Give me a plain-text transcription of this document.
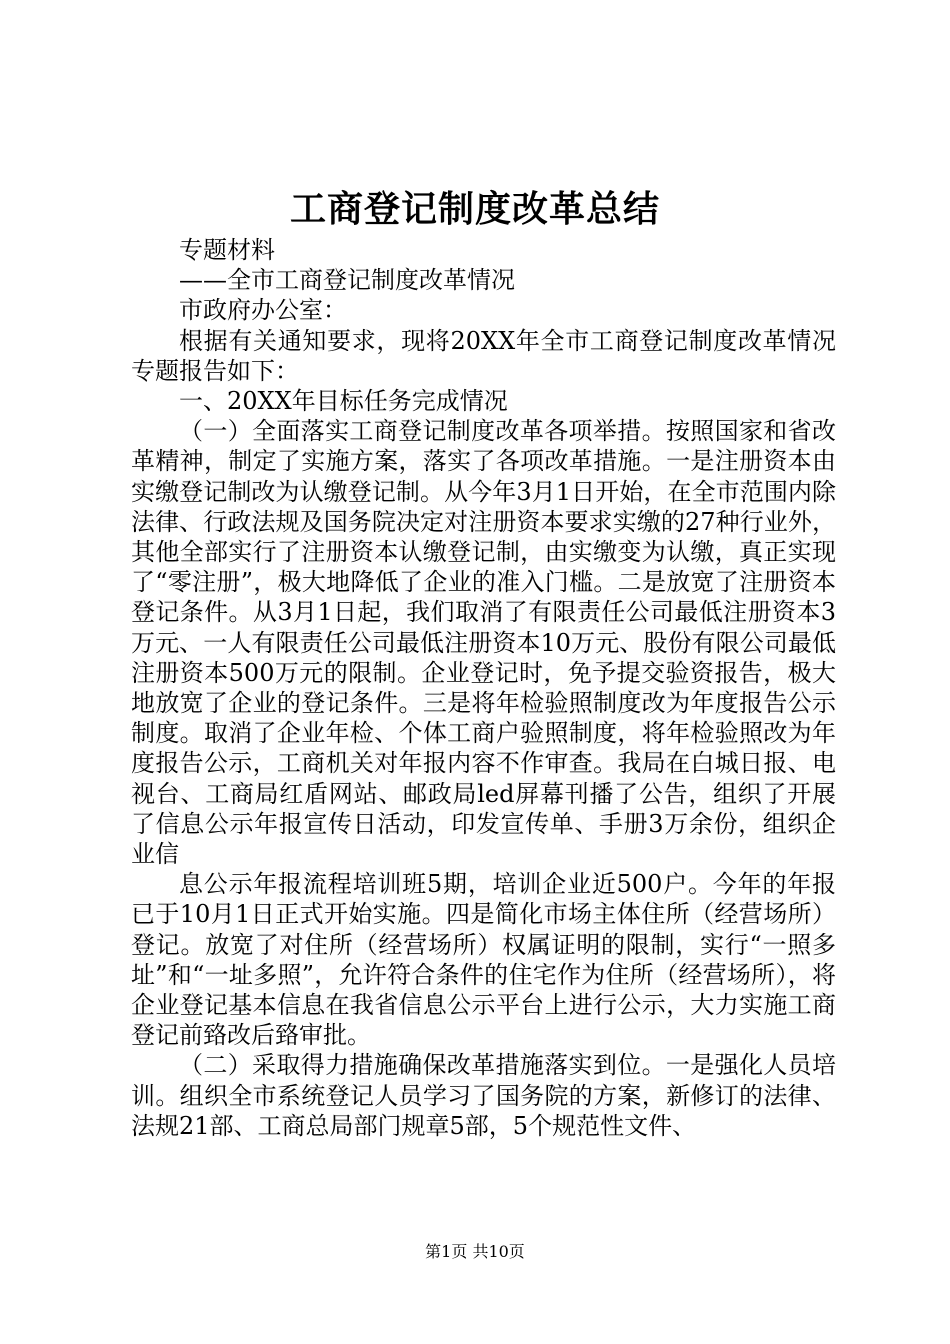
工商登记制度改革总结

专题材料

——全市工商登记制度改革情况

市政府办公室：

根据有关通知要求，现将20XX年全市工商登记制度改革情况专题报告如下：

一、20XX年目标任务完成情况

（一）全面落实工商登记制度改革各项举措。按照国家和省改革精神，制定了实施方案，落实了各项改革措施。一是注册资本由实缴登记制改为认缴登记制。从今年3月1日开始，在全市范围内除法律、行政法规及国务院决定对注册资本要求实缴的27种行业外，其他全部实行了注册资本认缴登记制，由实缴变为认缴，真正实现了“零注册”，极大地降低了企业的准入门槛。二是放宽了注册资本登记条件。从3月1日起，我们取消了有限责任公司最低注册资本3万元、一人有限责任公司最低注册资本10万元、股份有限公司最低注册资本500万元的限制。企业登记时，免予提交验资报告，极大地放宽了企业的登记条件。三是将年检验照制度改为年度报告公示制度。取消了企业年检、个体工商户验照制度，将年检验照改为年度报告公示，工商机关对年报内容不作审查。我局在白城日报、电视台、工商局红盾网站、邮政局led屏幕刊播了公告，组织了开展了信息公示年报宣传日活动，印发宣传单、手册3万余份，组织企业信

息公示年报流程培训班5期，培训企业近500户。今年的年报已于10月1日正式开始实施。四是简化市场主体住所（经营场所）登记。放宽了对住所（经营场所）权属证明的限制，实行“一照多址”和“一址多照”，允许符合条件的住宅作为住所（经营场所），将企业登记基本信息在我省信息公示平台上进行公示，大力实施工商登记前臵改后臵审批。

（二）采取得力措施确保改革措施落实到位。一是强化人员培训。组织全市系统登记人员学习了国务院的方案，新修订的法律、法规21部、工商总局部门规章5部，5个规范性文件、

第1页 共10页
